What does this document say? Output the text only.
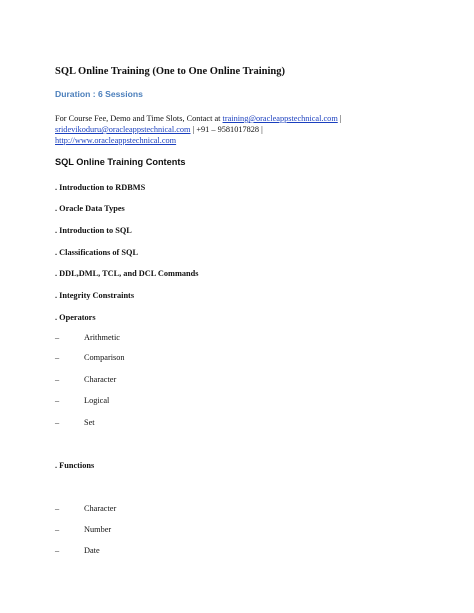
SQL Online Training (One to One Online Training)
Duration : 6 Sessions
For Course Fee, Demo and Time Slots, Contact at training@oracleappstechnical.com |
sridevikoduru@oracleappstechnical.com | +91 – 9581017828 |
http://www.oracleappstechnical.com
SQL Online Training Contents
. Introduction to RDBMS
. Oracle Data Types
. Introduction to SQL
. Classifications of SQL
. DDL,DML, TCL, and DCL Commands
. Integrity Constraints
. Operators
–	Arithmetic
–	Comparison
–	Character
–	Logical
–	Set
. Functions
–	Character
–	Number
–	Date
